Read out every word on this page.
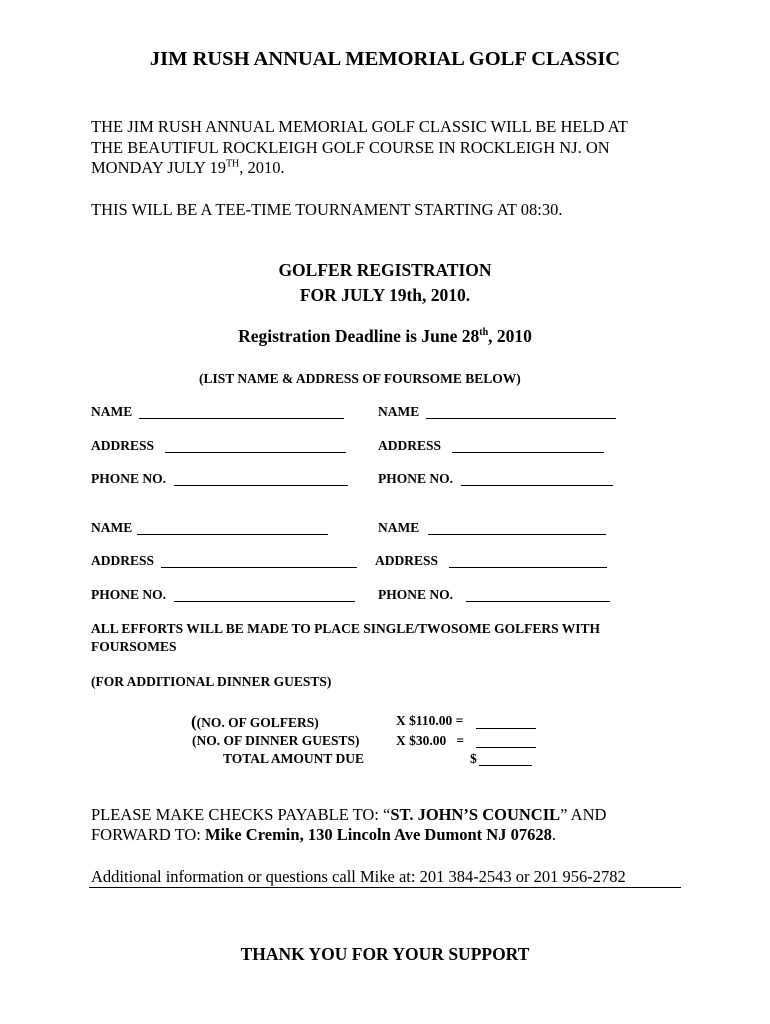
JIM RUSH ANNUAL MEMORIAL GOLF CLASSIC
THE JIM RUSH ANNUAL MEMORIAL GOLF CLASSIC WILL BE HELD AT
THE BEAUTIFUL ROCKLEIGH GOLF COURSE IN ROCKLEIGH NJ. ON
MONDAY JULY 19TH, 2010.
THIS WILL BE A TEE-TIME TOURNAMENT STARTING AT 08:30.
GOLFER REGISTRATION
FOR JULY 19th, 2010.
Registration Deadline is June 28th, 2010
(LIST NAME & ADDRESS OF FOURSOME BELOW)
NAME	NAME
ADDRESS	ADDRESS
PHONE NO.	PHONE NO.
NAME	NAME
ADDRESS	ADDRESS
PHONE NO.	PHONE NO.
ALL EFFORTS WILL BE MADE TO PLACE SINGLE/TWOSOME GOLFERS WITH
FOURSOMES
(FOR ADDITIONAL DINNER GUESTS)
((NO. OF GOLFERS)	X $110.00 =
(NO. OF DINNER GUESTS)	X $30.00   =
TOTAL AMOUNT DUE	$
PLEASE MAKE CHECKS PAYABLE TO: “ST. JOHN’S COUNCIL” AND
FORWARD TO: Mike Cremin, 130 Lincoln Ave Dumont NJ 07628.
Additional information or questions call Mike at: 201 384-2543 or 201 956-2782
THANK YOU FOR YOUR SUPPORT
